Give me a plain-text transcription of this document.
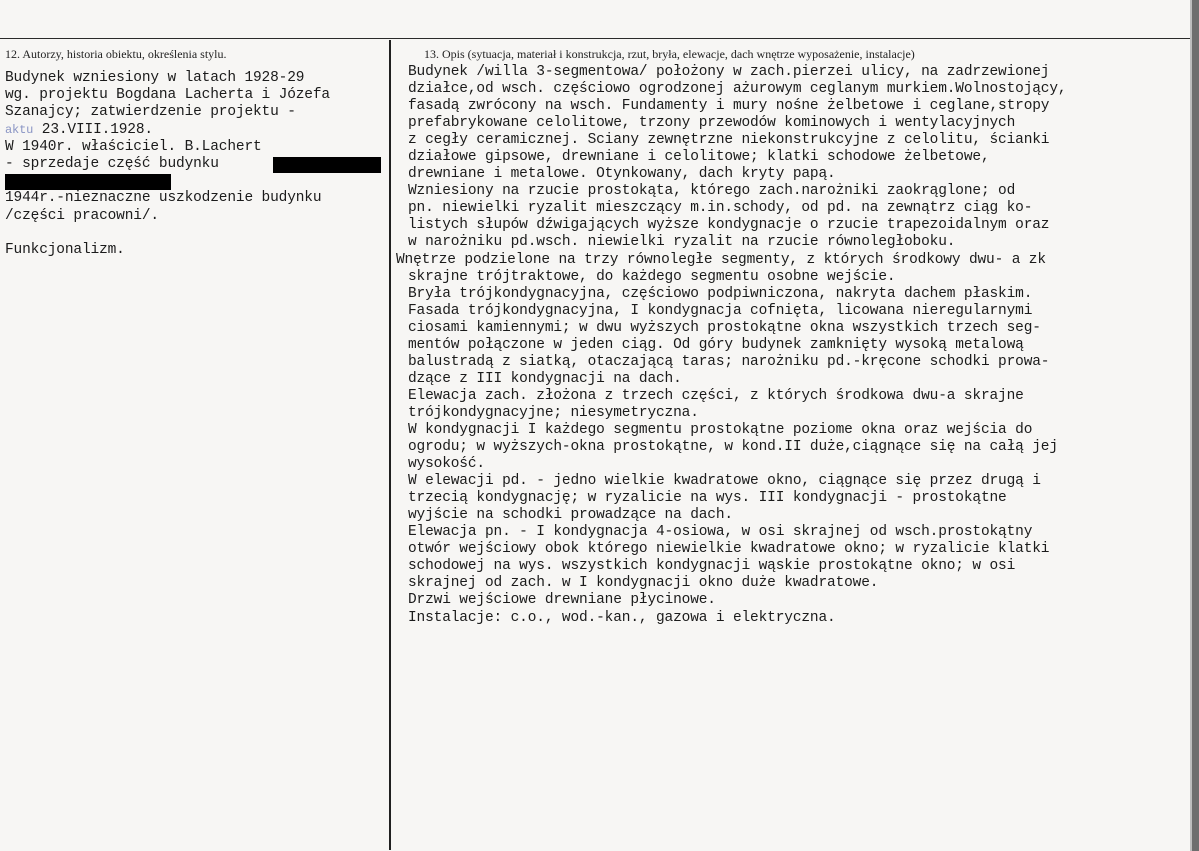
12. Autorzy, historia obiektu, określenia stylu.	13. Opis (sytuacja, materiał i konstrukcja, rzut, bryła, elewacje, dach wnętrze wyposażenie, instalacje)
Budynek wzniesiony w latach 1928-29
wg. projektu Bogdana Lacherta i Józefa
Szanajcy; zatwierdzenie projektu -
aktu 23.VIII.1928.
W 1940r. właściciel. B.Lachert
- sprzedaje część budynku

1944r.-nieznaczne uszkodzenie budynku
/części pracowni/.

Funkcjonalizm.
Budynek /willa 3-segmentowa/ położony w zach.pierzei ulicy, na zadrzewionej
działce,od wsch. częściowo ogrodzonej ażurowym ceglanym murkiem.Wolnostojący,
fasadą zwrócony na wsch. Fundamenty i mury nośne żelbetowe i ceglane,stropy
prefabrykowane celolitowe, trzony przewodów kominowych i wentylacyjnych
z cegły ceramicznej. Sciany zewnętrzne niekonstrukcyjne z celolitu, ścianki
działowe gipsowe, drewniane i celolitowe; klatki schodowe żelbetowe,
drewniane i metalowe. Otynkowany, dach kryty papą.
Wzniesiony na rzucie prostokąta, którego zach.narożniki zaokrąglone; od
pn. niewielki ryzalit mieszczący m.in.schody, od pd. na zewnątrz ciąg ko-
listych słupów dźwigających wyższe kondygnacje o rzucie trapezoidalnym oraz
w narożniku pd.wsch. niewielki ryzalit na rzucie równoległoboku.
Wnętrze podzielone na trzy równoległe segmenty, z których środkowy dwu- a zk
skrajne trójtraktowe, do każdego segmentu osobne wejście.
Bryła trójkondygnacyjna, częściowo podpiwniczona, nakryta dachem płaskim.
Fasada trójkondygnacyjna, I kondygnacja cofnięta, licowana nieregularnymi
ciosami kamiennymi; w dwu wyższych prostokątne okna wszystkich trzech seg-
mentów połączone w jeden ciąg. Od góry budynek zamknięty wysoką metalową
balustradą z siatką, otaczającą taras; narożniku pd.-kręcone schodki prowa-
dzące z III kondygnacji na dach.
Elewacja zach. złożona z trzech części, z których środkowa dwu-a skrajne
trójkondygnacyjne; niesymetryczna.
W kondygnacji I każdego segmentu prostokątne poziome okna oraz wejścia do
ogrodu; w wyższych-okna prostokątne, w kond.II duże,ciągnące się na całą jej
wysokość.
W elewacji pd. - jedno wielkie kwadratowe okno, ciągnące się przez drugą i
trzecią kondygnację; w ryzalicie na wys. III kondygnacji - prostokątne
wyjście na schodki prowadzące na dach.
Elewacja pn. - I kondygnacja 4-osiowa, w osi skrajnej od wsch.prostokątny
otwór wejściowy obok którego niewielkie kwadratowe okno; w ryzalicie klatki
schodowej na wys. wszystkich kondygnacji wąskie prostokątne okno; w osi
skrajnej od zach. w I kondygnacji okno duże kwadratowe.
Drzwi wejściowe drewniane płycinowe.
Instalacje: c.o., wod.-kan., gazowa i elektryczna.
